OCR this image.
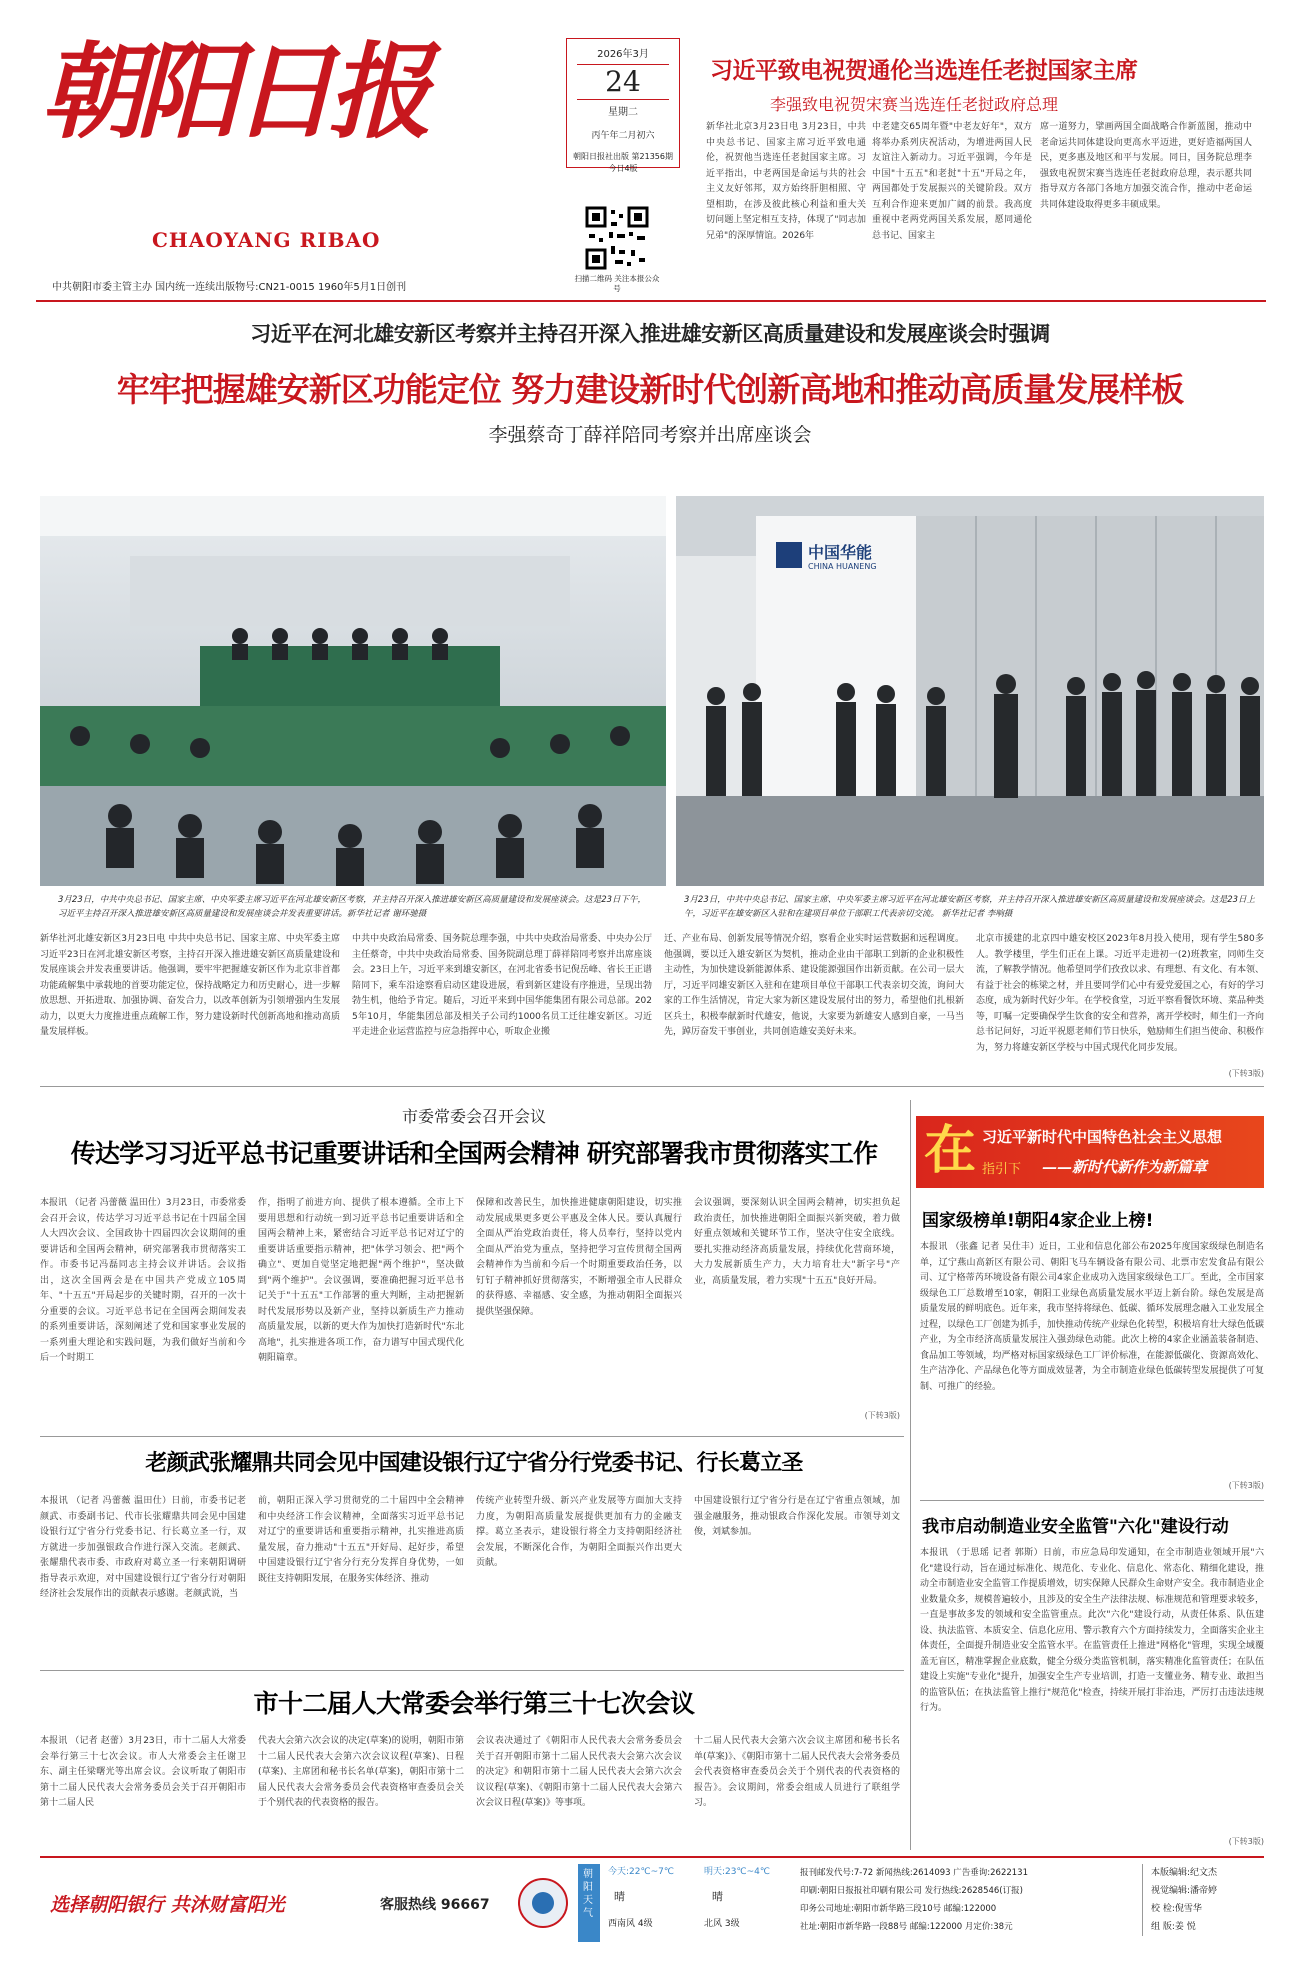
朝阳日报
CHAOYANG RIBAO
2026年3月
24
星期二
丙午年二月初六
朝阳日报社出版 第21356期
今日4版
扫描二维码 关注本报公众号
中共朝阳市委主管主办 国内统一连续出版物号:CN21-0015 1960年5月1日创刊
习近平致电祝贺通伦当选连任老挝国家主席
李强致电祝贺宋赛当选连任老挝政府总理
新华社北京3月23日电 3月23日，中共中央总书记、国家主席习近平致电通伦，祝贺他当选连任老挝国家主席。习近平指出，中老两国是命运与共的社会主义友好邻邦，双方始终肝胆相照、守望相助，在涉及彼此核心利益和重大关切问题上坚定相互支持，体现了"同志加兄弟"的深厚情谊。2026年
中老建交65周年暨"中老友好年"，双方将举办系列庆祝活动，为增进两国人民友谊注入新动力。习近平强调，今年是中国"十五五"和老挝"十五"开局之年，两国都处于发展振兴的关键阶段。双方互利合作迎来更加广阔的前景。我高度重视中老两党两国关系发展，愿同通伦总书记、国家主
席一道努力，擘画两国全面战略合作新蓝图，推动中老命运共同体建设向更高水平迈进，更好造福两国人民，更多惠及地区和平与发展。同日，国务院总理李强致电祝贺宋赛当选连任老挝政府总理，表示愿共同指导双方各部门各地方加强交流合作，推动中老命运共同体建设取得更多丰硕成果。
习近平在河北雄安新区考察并主持召开深入推进雄安新区高质量建设和发展座谈会时强调
牢牢把握雄安新区功能定位 努力建设新时代创新高地和推动高质量发展样板
李强蔡奇丁薛祥陪同考察并出席座谈会
中国华能
CHINA HUANENG
3月23日，中共中央总书记、国家主席、中央军委主席习近平在河北雄安新区考察，并主持召开深入推进雄安新区高质量建设和发展座谈会。这是23日下午，习近平主持召开深入推进雄安新区高质量建设和发展座谈会并发表重要讲话。新华社记者 谢环驰摄
3月23日，中共中央总书记、国家主席、中央军委主席习近平在河北雄安新区考察，并主持召开深入推进雄安新区高质量建设和发展座谈会。这是23日上午，习近平在雄安新区入驻和在建项目单位干部职工代表亲切交流。 新华社记者 李响摄
新华社河北雄安新区3月23日电 中共中央总书记、国家主席、中央军委主席习近平23日在河北雄安新区考察，主持召开深入推进雄安新区高质量建设和发展座谈会并发表重要讲话。他强调，要牢牢把握雄安新区作为北京非首都功能疏解集中承载地的首要功能定位，保持战略定力和历史耐心，进一步解放思想、开拓进取、加强协调、奋发合力，以改革创新为引领增强内生发展动力，以更大力度推进重点疏解工作，努力建设新时代创新高地和推动高质量发展样板。
中共中央政治局常委、国务院总理李强，中共中央政治局常委、中央办公厅主任蔡奇，中共中央政治局常委、国务院副总理丁薛祥陪同考察并出席座谈会。23日上午，习近平来到雄安新区，在河北省委书记倪岳峰、省长王正谱陪同下，乘车沿途察看启动区建设进展，看到新区建设有序推进，呈现出勃勃生机，他给予肯定。随后，习近平来到中国华能集团有限公司总部。2025年10月，华能集团总部及相关子公司约1000名员工迁往雄安新区。习近平走进企业运营监控与应急指挥中心，听取企业搬
迁、产业布局、创新发展等情况介绍，察看企业实时运营数据和远程调度。他强调，要以迁入雄安新区为契机，推动企业由干部职工到新的企业积极性主动性，为加快建设新能源体系、建设能源强国作出新贡献。在公司一层大厅，习近平同雄安新区入驻和在建项目单位干部职工代表亲切交流，询问大家的工作生活情况，肯定大家为新区建设发展付出的努力，希望他们扎根新区兵土，积极奉献新时代雄安，他说，大家要为新雄安人感到自豪，一马当先，踔厉奋发干事创业，共同创造雄安美好未来。
北京市援建的北京四中雄安校区2023年8月投入使用，现有学生580多人。教学楼里，学生们正在上课。习近平走进初一(2)班教室，同师生交流，了解教学情况。他希望同学们孜孜以求、有理想、有文化、有本领、有益于社会的栋梁之材，并且要同学们心中有爱党爱国之心，有好的学习态度，成为新时代好少年。在学校食堂，习近平察看餐饮环境、菜品种类等，叮嘱一定要确保学生饮食的安全和营养，离开学校时，师生们一齐向总书记问好，习近平祝愿老师们节日快乐，勉励师生们担当使命、积极作为，努力将雄安新区学校与中国式现代化同步发展。
(下转3版)
在 习近平新时代中国特色社会主义思想
指引下 ——新时代新作为新篇章
市委常委会召开会议
传达学习习近平总书记重要讲话和全国两会精神 研究部署我市贯彻落实工作
本报讯 （记者 冯蕾薇 温田仕）3月23日，市委常委会召开会议，传达学习习近平总书记在十四届全国人大四次会议、全国政协十四届四次会议期间的重要讲话和全国两会精神，研究部署我市贯彻落实工作。市委书记冯磊同志主持会议并讲话。会议指出，这次全国两会是在中国共产党成立105周年、"十五五"开局起步的关键时期，召开的一次十分重要的会议。习近平总书记在全国两会期间发表的系列重要讲话，深刻阐述了党和国家事业发展的一系列重大理论和实践问题，为我们做好当前和今后一个时期工
作，指明了前进方向、提供了根本遵循。全市上下要用思想和行动统一到习近平总书记重要讲话和全国两会精神上来，紧密结合习近平总书记对辽宁的重要讲话重要指示精神，把"体学习领会、把"两个确立"、更加自觉坚定地把握"两个维护"，坚决做到"两个维护"。会议强调，要准确把握习近平总书记关于"十五五"工作部署的重大判断，主动把握新时代发展形势以及新产业，坚持以新质生产力推动高质量发展，以新的更大作为加快打造新时代"东北高地"，扎实推进各项工作，奋力谱写中国式现代化朝阳篇章。
保障和改善民生，加快推进健康朝阳建设，切实推动发展成果更多更公平惠及全体人民。要认真履行全面从严治党政治责任，将人员奉行，坚持以党内全面从严治党为重点，坚持把学习宣传贯彻全国两会精神作为当前和今后一个时期重要政治任务，以钉钉子精神抓好贯彻落实，不断增强全市人民群众的获得感、幸福感、安全感，为推动朝阳全面振兴提供坚强保障。
会议强调，要深刻认识全国两会精神，切实担负起政治责任，加快推进朝阳全面振兴新突破，着力做好重点领域和关键环节工作，坚决守住安全底线。要扎实推动经济高质量发展，持续优化营商环境，大力发展新质生产力，大力培育壮大"新字号"产业，高质量发展，着力实现"十五五"良好开局。
(下转3版)
老颜武张耀鼎共同会见中国建设银行辽宁省分行党委书记、行长葛立圣
本报讯 （记者 冯蕾薇 温田仕）日前，市委书记老颜武、市委副书记、代市长张耀鼎共同会见中国建设银行辽宁省分行党委书记、行长葛立圣一行，双方就进一步加强银政合作进行深入交流。老颜武、张耀鼎代表市委、市政府对葛立圣一行来朝阳调研指导表示欢迎，对中国建设银行辽宁省分行对朝阳经济社会发展作出的贡献表示感谢。老颜武说，当
前，朝阳正深入学习贯彻党的二十届四中全会精神和中央经济工作会议精神，全面落实习近平总书记对辽宁的重要讲话和重要指示精神，扎实推进高质量发展，奋力推动"十五五"开好局、起好步，希望中国建设银行辽宁省分行充分发挥自身优势，一如既往支持朝阳发展，在服务实体经济、推动
传统产业转型升级、新兴产业发展等方面加大支持力度，为朝阳高质量发展提供更加有力的金融支撑。葛立圣表示，建设银行将全力支持朝阳经济社会发展，不断深化合作，为朝阳全面振兴作出更大贡献。
中国建设银行辽宁省分行是在辽宁省重点领域，加强金融服务，推动银政合作深化发展。市领导刘文俊，刘斌参加。
市十二届人大常委会举行第三十七次会议
本报讯 （记者 赵蕾）3月23日，市十二届人大常委会举行第三十七次会议。市人大常委会主任谢卫东、副主任梁曙光等出席会议。会议听取了朝阳市第十二届人民代表大会常务委员会关于召开朝阳市第十二届人民
代表大会第六次会议的决定(草案)的说明，朝阳市第十二届人民代表大会第六次会议议程(草案)、日程(草案)、主席团和秘书长名单(草案)，朝阳市第十二届人民代表大会常务委员会代表资格审查委员会关于个别代表的代表资格的报告。
会议表决通过了《朝阳市人民代表大会常务委员会关于召开朝阳市第十二届人民代表大会第六次会议的决定》和朝阳市第十二届人民代表大会第六次会议议程(草案)、《朝阳市第十二届人民代表大会第六次会议日程(草案)》等事项。
十二届人民代表大会第六次会议主席团和秘书长名单(草案)》、《朝阳市第十二届人民代表大会常务委员会代表资格审查委员会关于个别代表的代表资格的报告》。会议期间，常委会组成人员进行了联组学习。
国家级榜单!朝阳4家企业上榜!
本报讯 （张鑫 记者 吴仕丰）近日，工业和信息化部公布2025年度国家级绿色制造名单，辽宁燕山高新区有限公司、朝阳飞马车辆设备有限公司、北票市宏发食品有限公司、辽宁格蒂芮环境设备有限公司4家企业成功入选国家级绿色工厂。至此，全市国家级绿色工厂总数增至10家，朝阳工业绿色高质量发展水平迈上新台阶。绿色发展是高质量发展的鲜明底色。近年来，我市坚持将绿色、低碳、循环发展理念融入工业发展全过程，以绿色工厂创建为抓手，加快推动传统产业绿色化转型，积极培育壮大绿色低碳产业，为全市经济高质量发展注入强劲绿色动能。此次上榜的4家企业涵盖装备制造、食品加工等领域，均严格对标国家级绿色工厂评价标准，在能源低碳化、资源高效化、生产洁净化、产品绿色化等方面成效显著，为全市制造业绿色低碳转型发展提供了可复制、可推广的经验。
(下转3版)
我市启动制造业安全监管"六化"建设行动
本报讯 （于思瑶 记者 郭斯）日前，市应急局印发通知，在全市制造业领域开展"六化"建设行动，旨在通过标准化、规范化、专业化、信息化、常态化、精细化建设，推动全市制造业安全监管工作提质增效，切实保障人民群众生命财产安全。我市制造业企业数量众多，规模普遍较小，且涉及的安全生产法律法规、标准规范和管理要求较多，一直是事故多发的领域和安全监管重点。此次"六化"建设行动，从责任体系、队伍建设、执法监管、本质安全、信息化应用、警示教育六个方面持续发力，全面落实企业主体责任，全面提升制造业安全监管水平。在监管责任上推进"网格化"管理，实现全域覆盖无盲区，精准掌握企业底数，健全分级分类监管机制，落实精准化监管责任；在队伍建设上实施"专业化"提升，加强安全生产专业培训，打造一支懂业务、精专业、敢担当的监管队伍；在执法监管上推行"规范化"检查，持续开展打非治违，严厉打击违法违规行为。
(下转3版)
选择朝阳银行 共沐财富阳光	客服热线 96667
朝阳天气
今天:22℃~7℃
晴
西南风 4级
明天:23℃~4℃
晴
北风 3级
报刊邮发代号:7-72 新闻热线:2614093 广告垂询:2622131
印刷:朝阳日报报社印刷有限公司 发行热线:2628546(订报)
印务公司地址:朝阳市新华路三段10号 邮编:122000
社址:朝阳市新华路一段88号 邮编:122000 月定价:38元
本版编辑:纪文杰
视觉编辑:潘帝婷
校 检:倪雪华
组 版:姜 悦
